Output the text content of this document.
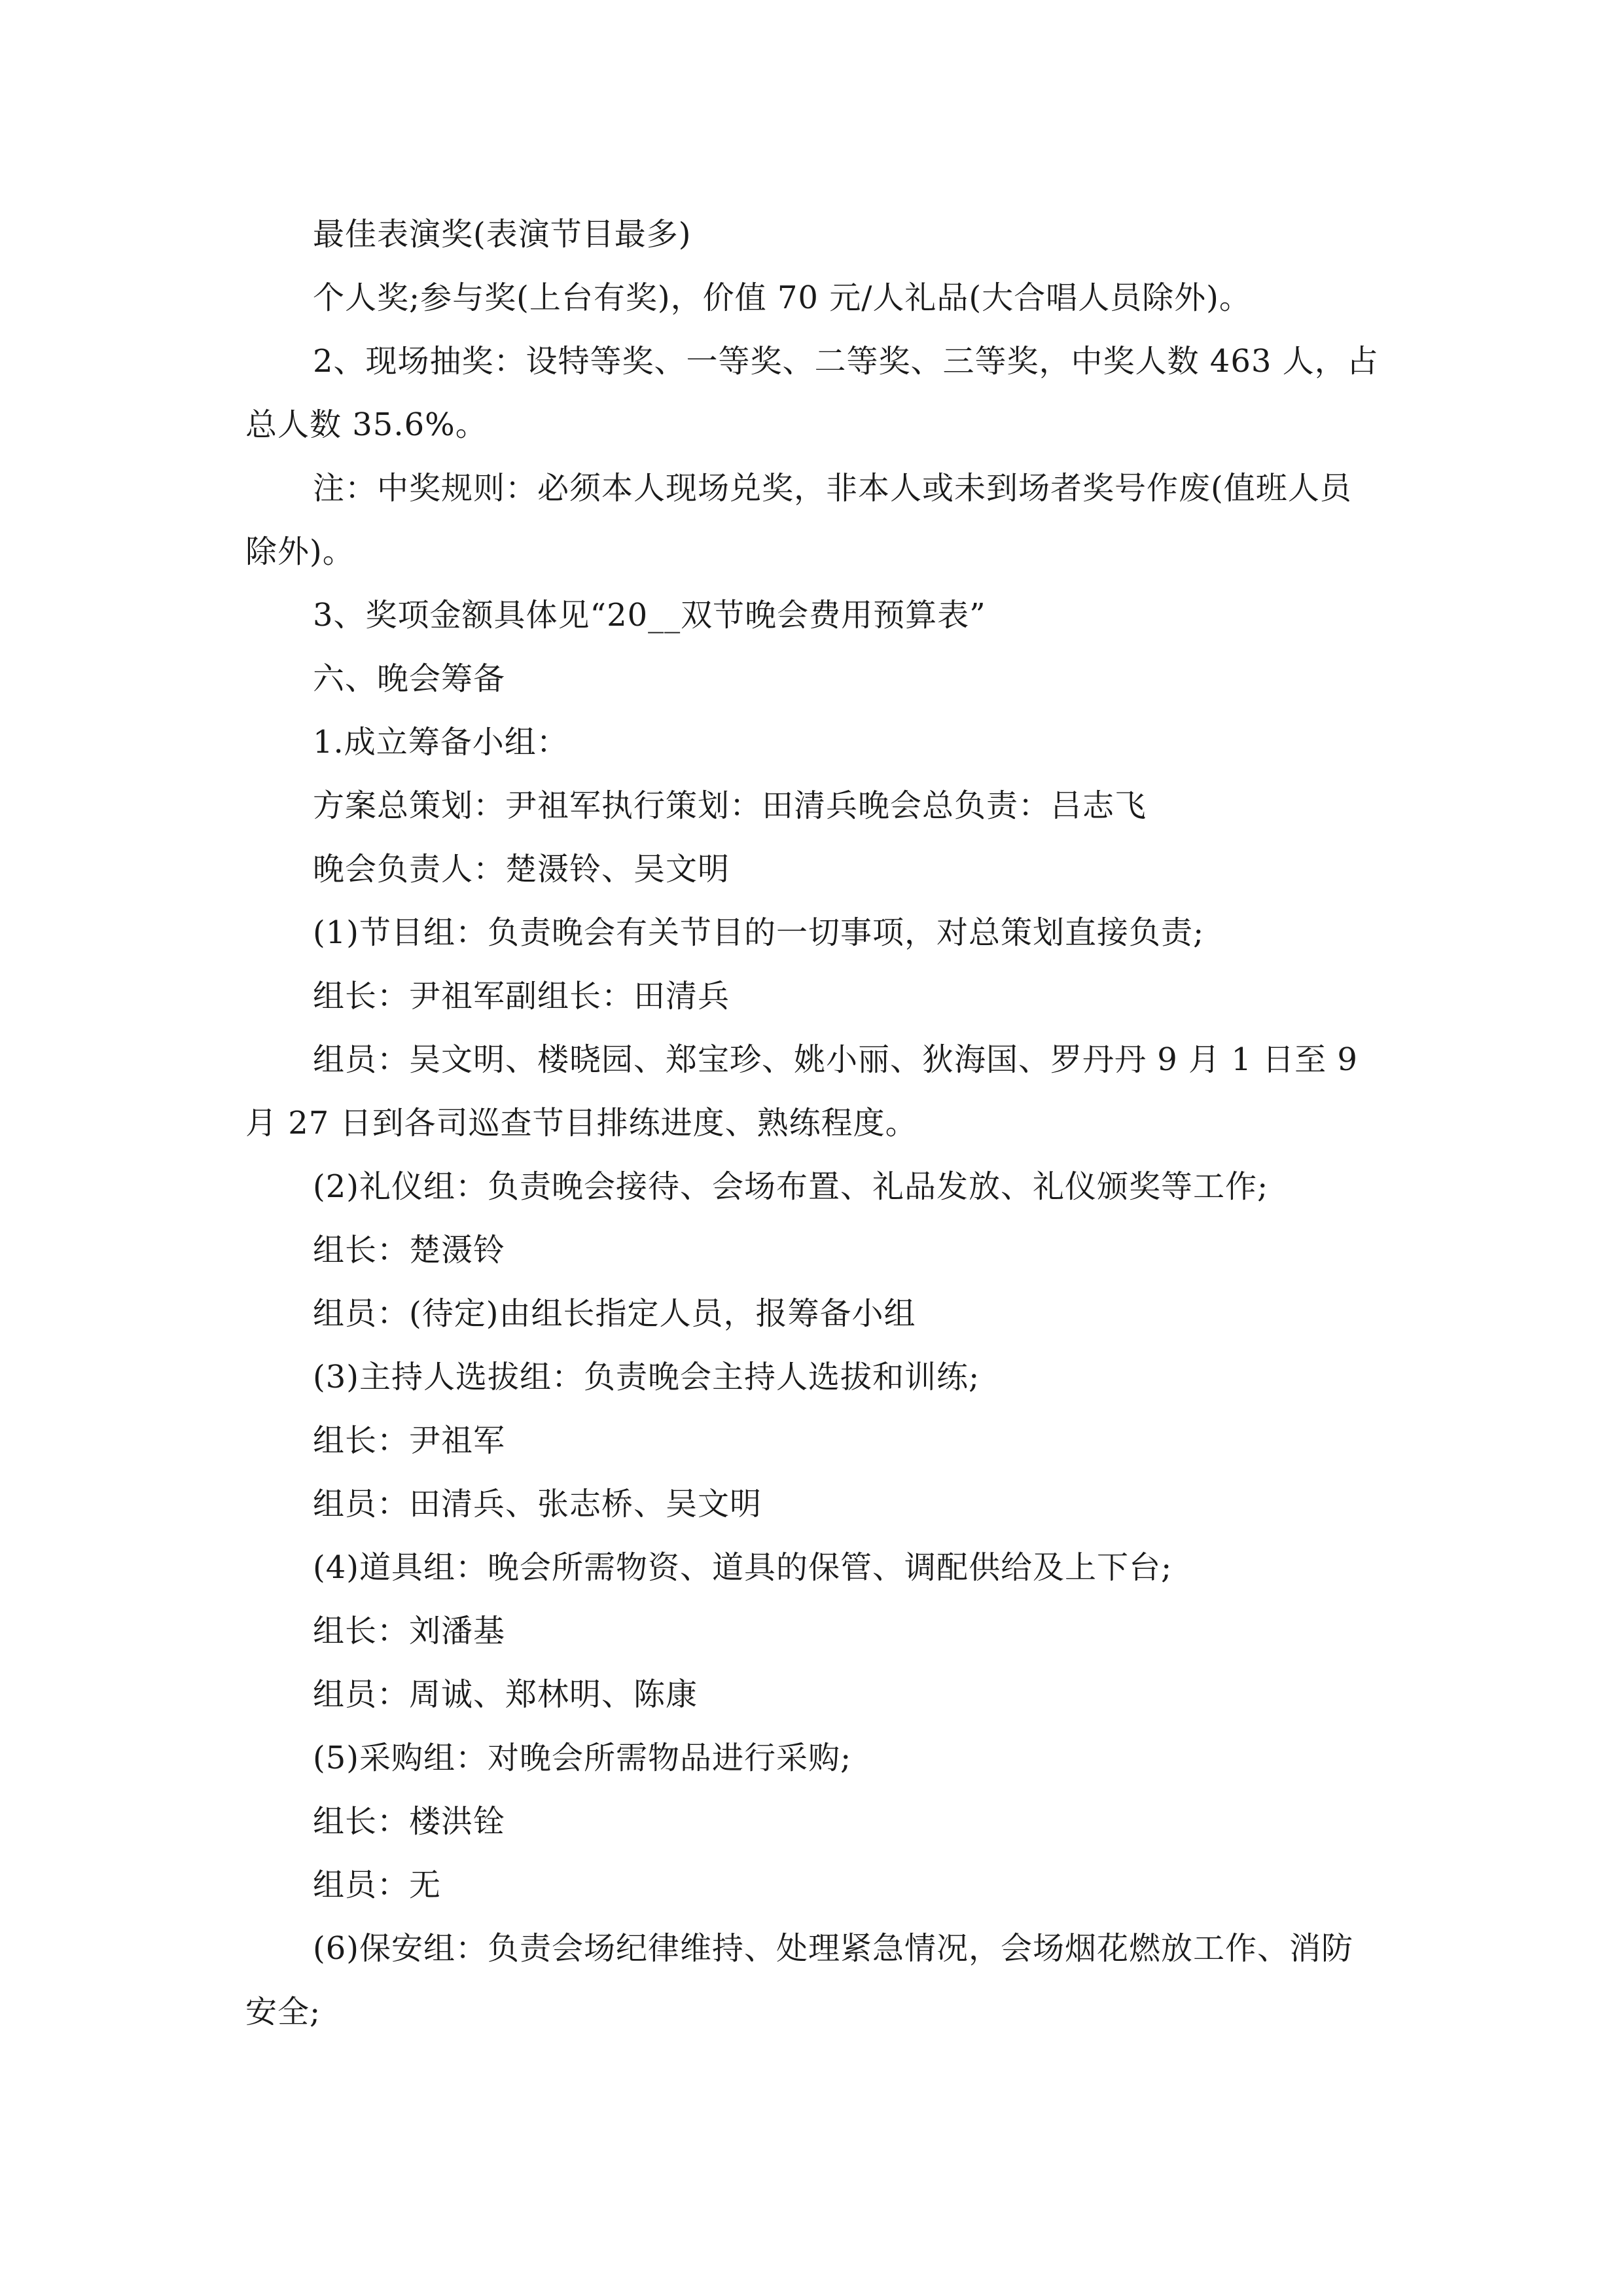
最佳表演奖(表演节目最多)

个人奖;参与奖(上台有奖)，价值 70 元/人礼品(大合唱人员除外)。

2、现场抽奖：设特等奖、一等奖、二等奖、三等奖，中奖人数 463 人，占总人数 35.6%。

注：中奖规则：必须本人现场兑奖，非本人或未到场者奖号作废(值班人员除外)。

3、奖项金额具体见“20__双节晚会费用预算表”

六、晚会筹备

1.成立筹备小组：

方案总策划：尹祖军执行策划：田清兵晚会总负责：吕志飞

晚会负责人：楚滠铃、吴文明

(1)节目组：负责晚会有关节目的一切事项，对总策划直接负责;

组长：尹祖军副组长：田清兵

组员：吴文明、楼晓园、郑宝珍、姚小丽、狄海国、罗丹丹 9 月 1 日至 9 月 27 日到各司巡查节目排练进度、熟练程度。

(2)礼仪组：负责晚会接待、会场布置、礼品发放、礼仪颁奖等工作;

组长：楚滠铃

组员：(待定)由组长指定人员，报筹备小组

(3)主持人选拔组：负责晚会主持人选拔和训练;

组长：尹祖军

组员：田清兵、张志桥、吴文明

(4)道具组：晚会所需物资、道具的保管、调配供给及上下台;

组长：刘潘基

组员：周诚、郑林明、陈康

(5)采购组：对晚会所需物品进行采购;

组长：楼洪铨

组员：无

(6)保安组：负责会场纪律维持、处理紧急情况，会场烟花燃放工作、消防安全;
